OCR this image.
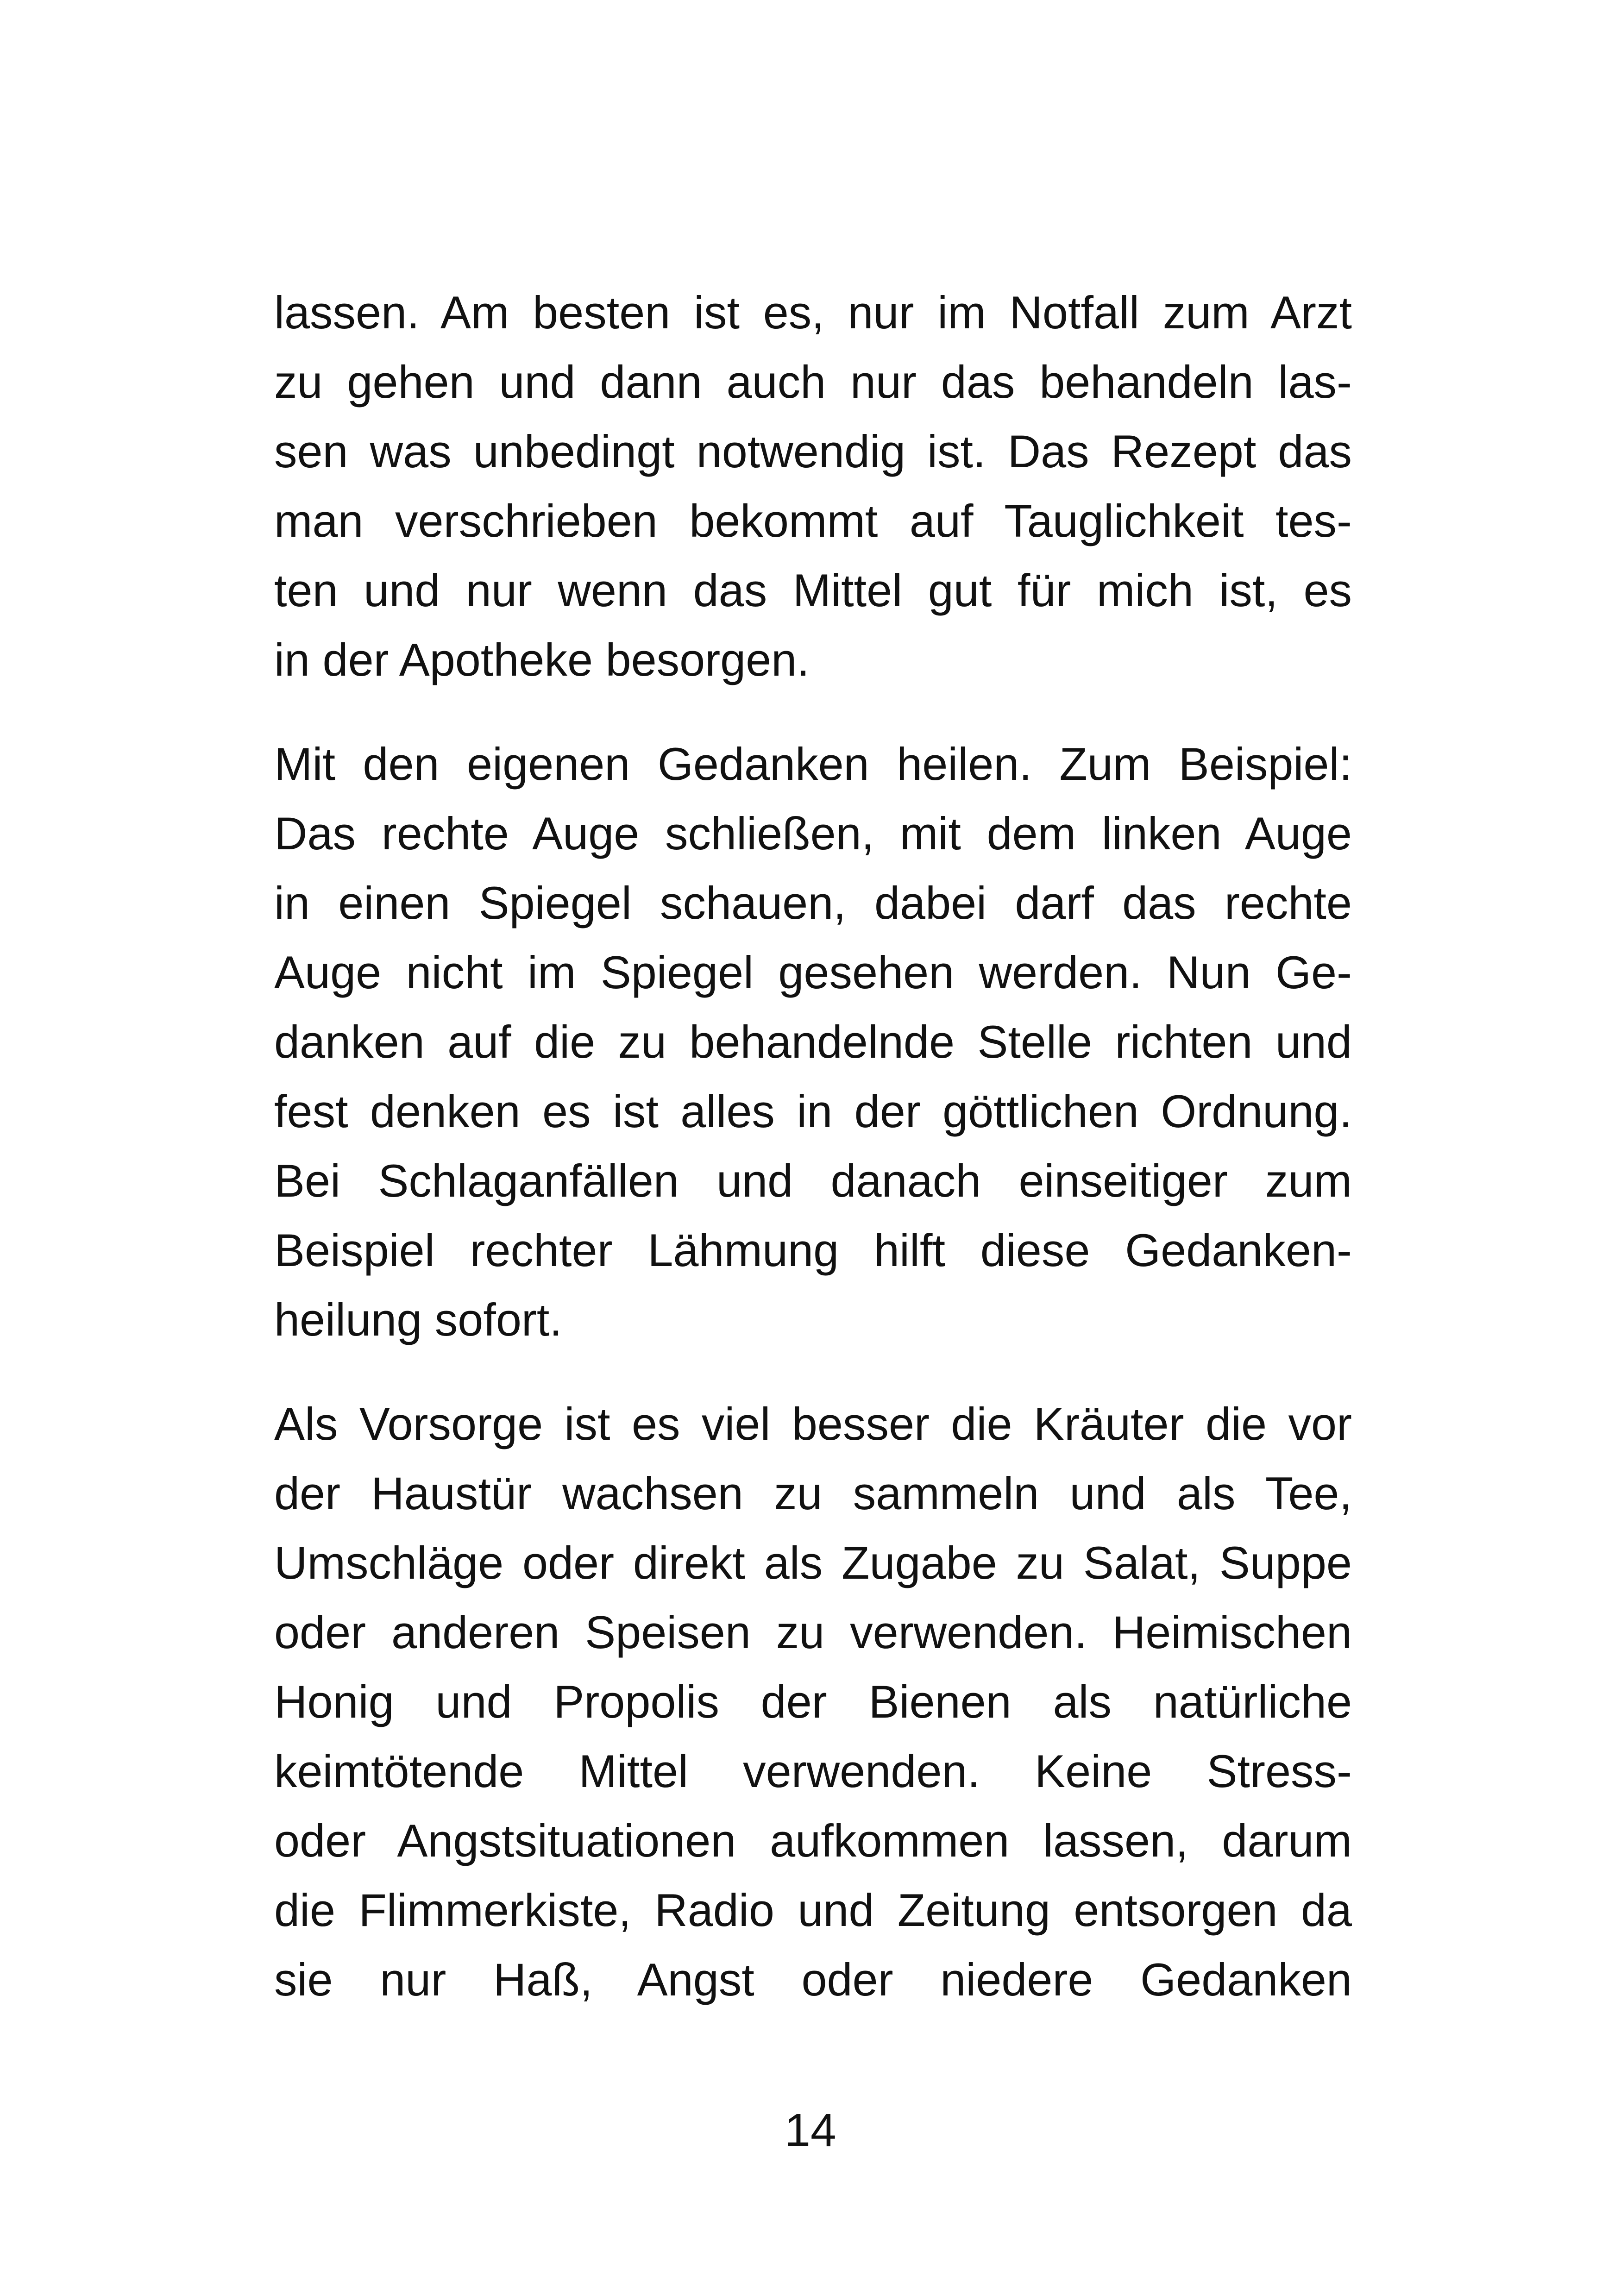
lassen. Am besten ist es, nur im Notfall zum Arzt
zu gehen und dann auch nur das behandeln las-
sen was unbedingt notwendig ist. Das Rezept das
man verschrieben bekommt auf Tauglichkeit tes-
ten und nur wenn das Mittel gut für mich ist, es
in der Apotheke besorgen.
Mit den eigenen Gedanken heilen. Zum Beispiel:
Das rechte Auge schließen, mit dem linken Auge
in einen Spiegel schauen, dabei darf das rechte
Auge nicht im Spiegel gesehen werden. Nun Ge-
danken auf die zu behandelnde Stelle richten und
fest denken es ist alles in der göttlichen Ordnung.
Bei Schlaganfällen und danach einseitiger zum
Beispiel rechter Lähmung hilft diese Gedanken-
heilung sofort.
Als Vorsorge ist es viel besser die Kräuter die vor
der Haustür wachsen zu sammeln und als Tee,
Umschläge oder direkt als Zugabe zu Salat, Suppe
oder anderen Speisen zu verwenden. Heimischen
Honig und Propolis der Bienen als natürliche
keimtötende Mittel verwenden. Keine Stress-
oder Angstsituationen aufkommen lassen, darum
die Flimmerkiste, Radio und Zeitung entsorgen da
sie nur Haß, Angst oder niedere Gedanken
14
